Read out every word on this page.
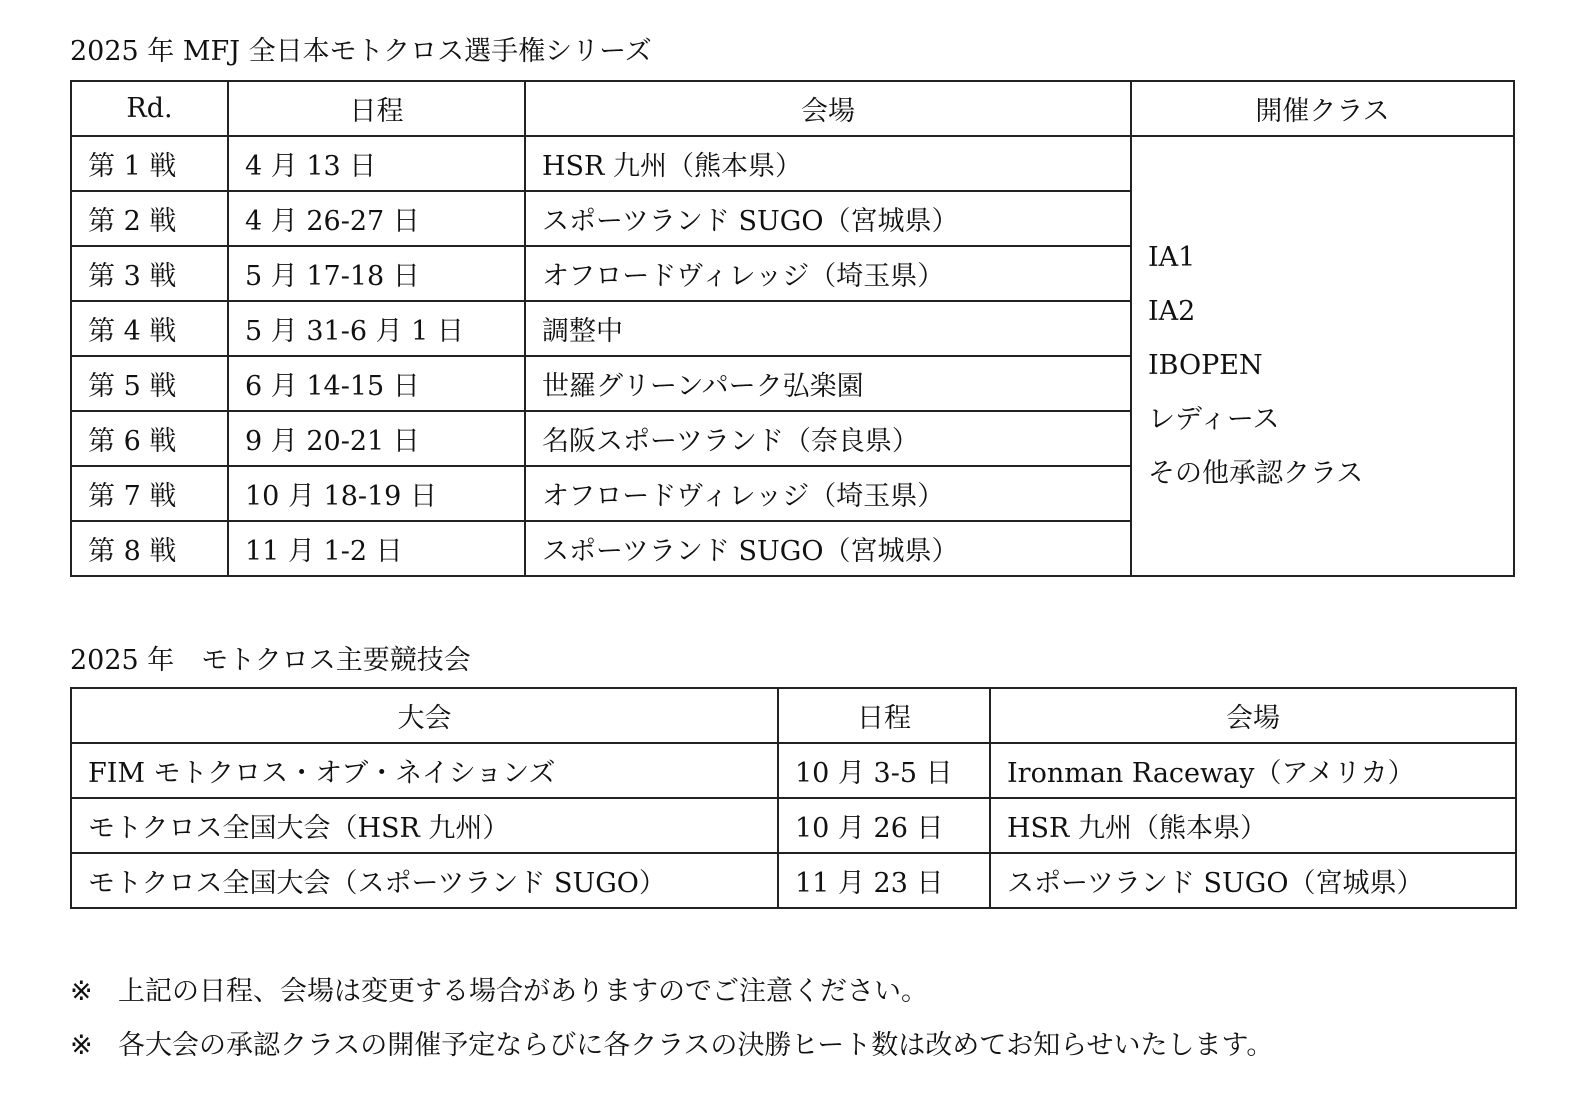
2025 年 MFJ 全日本モトクロス選手権シリーズ
Rd.	日程	会場	開催クラス
第 1 戦	4 月 13 日	HSR 九州（熊本県）	IA1
IA2
IBOPEN
レディース
その他承認クラス

第 2 戦	4 月 26-27 日	スポーツランド SUGO（宮城県）	
第 3 戦	5 月 17-18 日	オフロードヴィレッジ（埼玉県）	
第 4 戦	5 月 31-6 月 1 日	調整中	
第 5 戦	6 月 14-15 日	世羅グリーンパーク弘楽園	
第 6 戦	9 月 20-21 日	名阪スポーツランド（奈良県）	
第 7 戦	10 月 18-19 日	オフロードヴィレッジ（埼玉県）	
第 8 戦	11 月 1-2 日	スポーツランド SUGO（宮城県）	
2025 年　モトクロス主要競技会
大会	日程	会場
FIM モトクロス・オブ・ネイションズ	10 月 3-5 日	Ironman Raceway（アメリカ）
モトクロス全国大会（HSR 九州）	10 月 26 日	HSR 九州（熊本県）
モトクロス全国大会（スポーツランド SUGO）	11 月 23 日	スポーツランド SUGO（宮城県）
※ 上記の日程、会場は変更する場合がありますのでご注意ください。
※ 各大会の承認クラスの開催予定ならびに各クラスの決勝ヒート数は改めてお知らせいたします。
